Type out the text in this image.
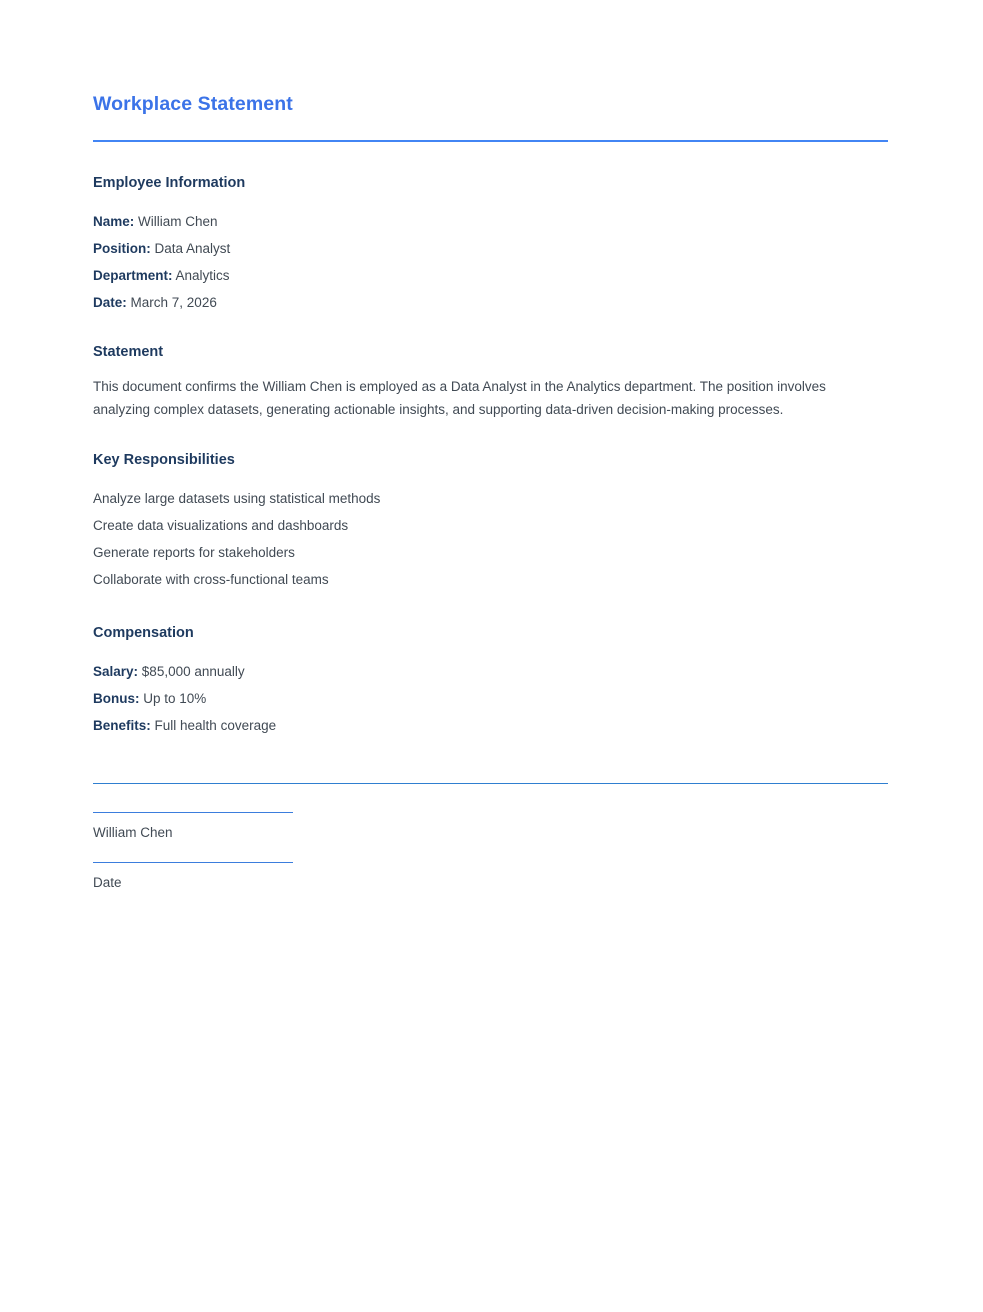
Workplace Statement
Employee Information
Name: William Chen
Position: Data Analyst
Department: Analytics
Date: March 7, 2026
Statement

This document confirms the William Chen is employed as a Data Analyst in the Analytics department. The position involves analyzing complex datasets, generating actionable insights, and supporting data-driven decision-making processes.

Key Responsibilities
Analyze large datasets using statistical methods
Create data visualizations and dashboards
Generate reports for stakeholders
Collaborate with cross-functional teams
Compensation
Salary: $85,000 annually
Bonus: Up to 10%
Benefits: Full health coverage
William Chen
Date
